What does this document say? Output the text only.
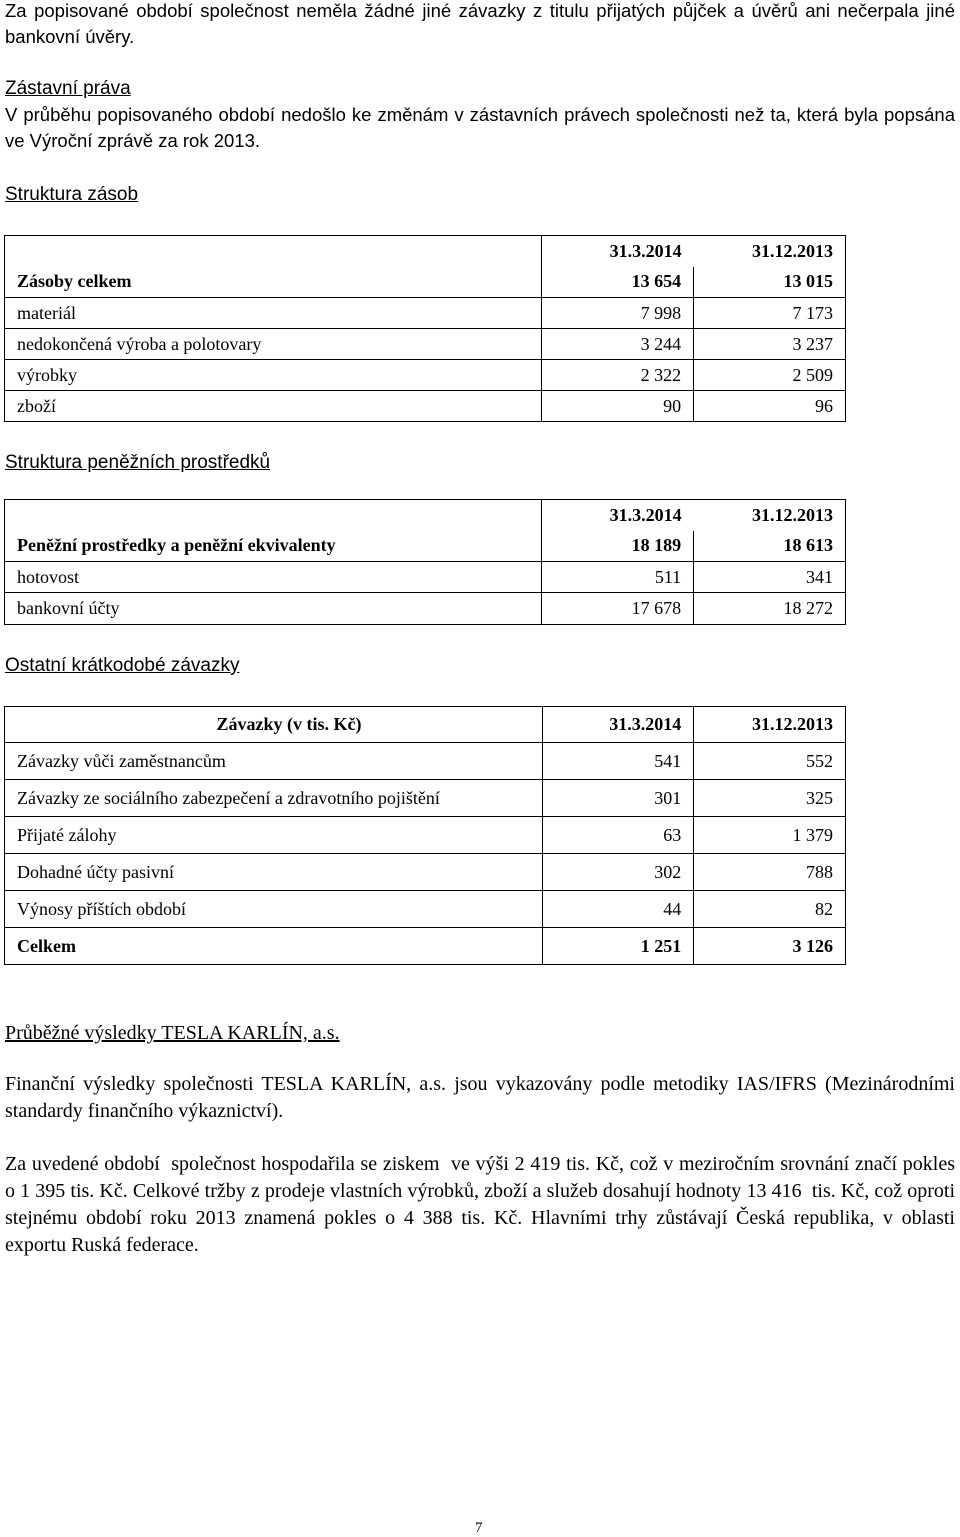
Za popisované období společnost neměla žádné jiné závazky z titulu přijatých půjček a úvěrů ani nečerpala jiné bankovní úvěry.
Zástavní práva
V průběhu popisovaného období nedošlo ke změnám v zástavních právech společnosti než ta, která byla popsána ve Výroční zprávě za rok 2013.
Struktura zásob
	31.3.2014	31.12.2013
Zásoby celkem	13 654	13 015
materiál	7 998	7 173
nedokončená výroba a polotovary	3 244	3 237
výrobky	2 322	2 509
zboží	90	96
Struktura peněžních prostředků
	31.3.2014	31.12.2013
Peněžní prostředky a peněžní ekvivalenty	18 189	18 613
hotovost	511	341
bankovní účty	17 678	18 272
Ostatní krátkodobé závazky
Závazky (v tis. Kč)	31.3.2014	31.12.2013
Závazky vůči zaměstnancům	541	552
Závazky ze sociálního zabezpečení a zdravotního pojištění	301	325
Přijaté zálohy	63	1 379
Dohadné účty pasivní	302	788
Výnosy příštích období	44	82
Celkem	1 251	3 126
Průběžné výsledky TESLA KARLÍN, a.s.
Finanční výsledky společnosti TESLA KARLÍN, a.s. jsou vykazovány podle metodiky IAS/IFRS (Mezinárodními standardy finančního výkaznictví).
Za uvedené období  společnost hospodařila se ziskem  ve výši 2 419 tis. Kč, což v meziročním srovnání značí pokles o 1 395 tis. Kč. Celkové tržby z prodeje vlastních výrobků, zboží a služeb dosahují hodnoty 13 416  tis. Kč, což oproti stejnému období roku 2013 znamená pokles o 4 388 tis. Kč. Hlavními trhy zůstávají Česká republika, v oblasti exportu Ruská federace.
7
